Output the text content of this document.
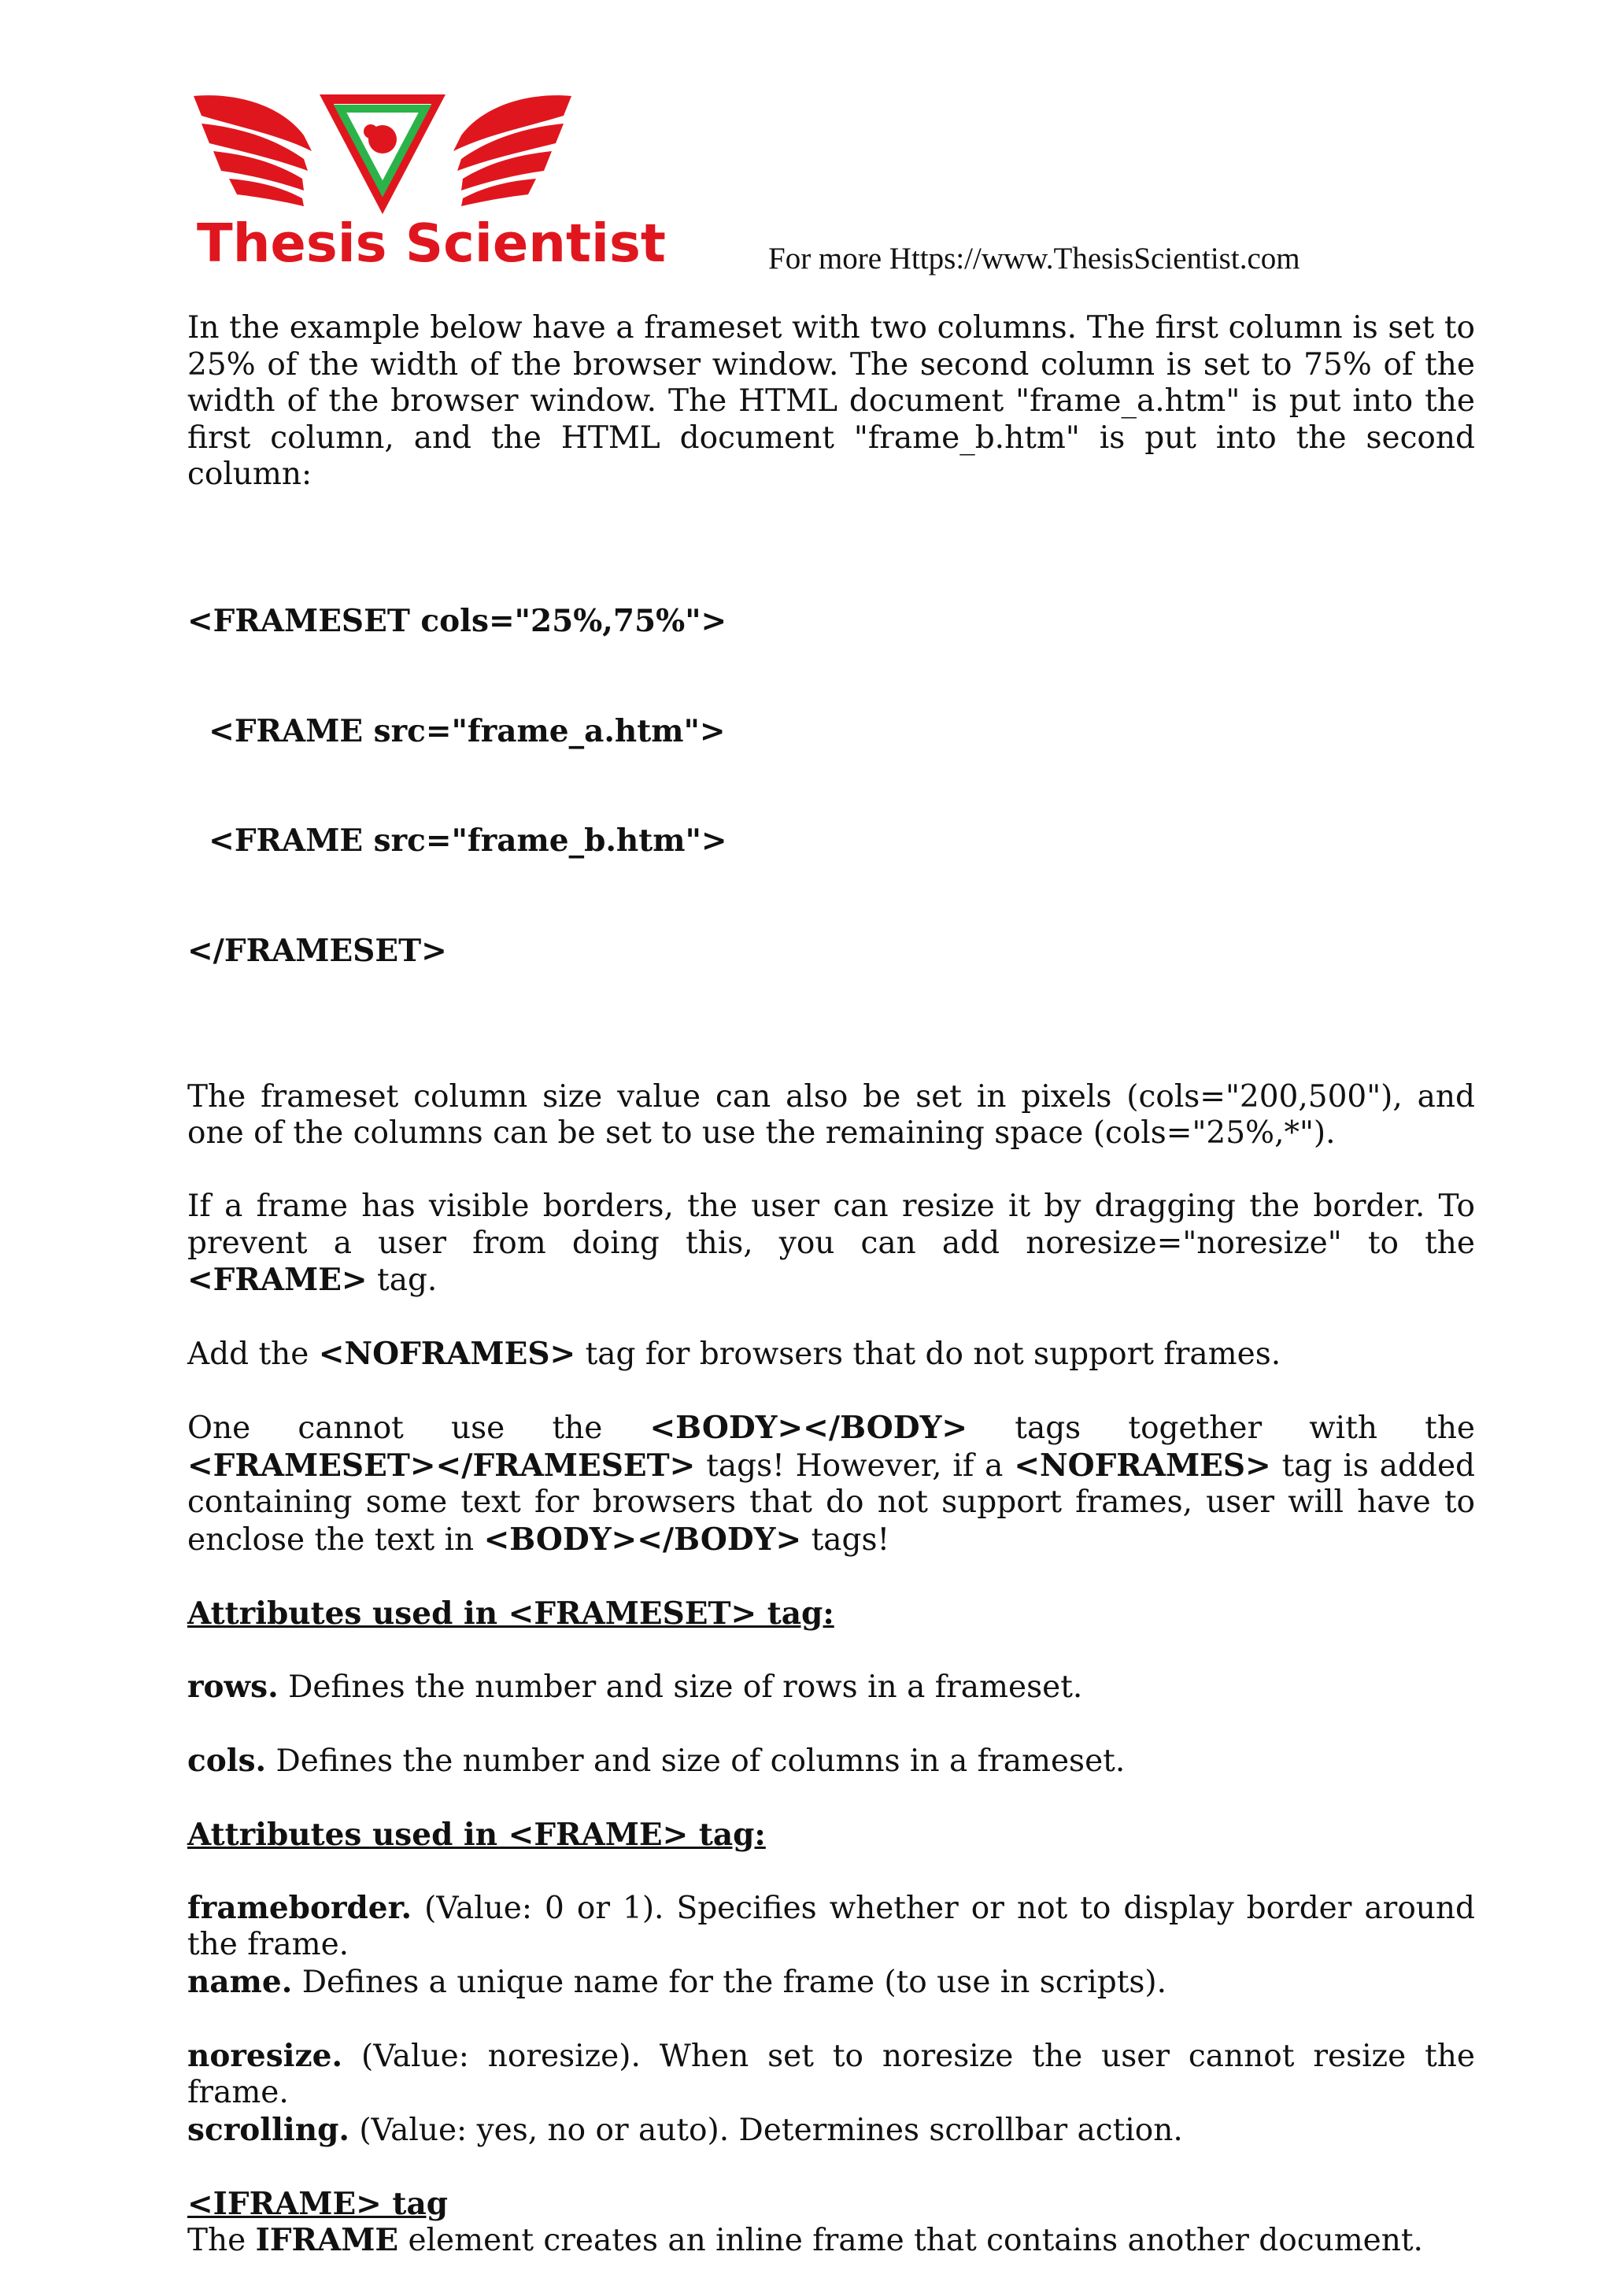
Thesis Scientist	For more Https://www.ThesisScientist.com

In the example below have a frameset with two columns. The first column is set to 25% of the width of the browser window. The second column is set to 75% of the width of the browser window. The HTML document "frame_a.htm" is put into the first column, and the HTML document "frame_b.htm" is put into the second column:

<FRAMESET cols="25%,75%">

<FRAME src="frame_a.htm">

<FRAME src="frame_b.htm">

</FRAMESET>

The frameset column size value can also be set in pixels (cols="200,500"), and one of the columns can be set to use the remaining space (cols="25%,*").

If a frame has visible borders, the user can resize it by dragging the border. To prevent a user from doing this, you can add noresize="noresize" to the <FRAME> tag.

Add the <NOFRAMES> tag for browsers that do not support frames.

One cannot use the <BODY></BODY> tags together with the
<FRAMESET></FRAMESET> tags! However, if a <NOFRAMES> tag is added containing some text for browsers that do not support frames, user will have to enclose the text in <BODY></BODY> tags!

Attributes used in <FRAMESET> tag:

rows. Defines the number and size of rows in a frameset.

cols. Defines the number and size of columns in a frameset.

Attributes used in <FRAME> tag:

frameborder. (Value: 0 or 1). Specifies whether or not to display border around the frame.

name. Defines a unique name for the frame (to use in scripts).

noresize. (Value: noresize). When set to noresize the user cannot resize the frame.

scrolling. (Value: yes, no or auto). Determines scrollbar action.

<IFRAME> tag

The IFRAME element creates an inline frame that contains another document.
